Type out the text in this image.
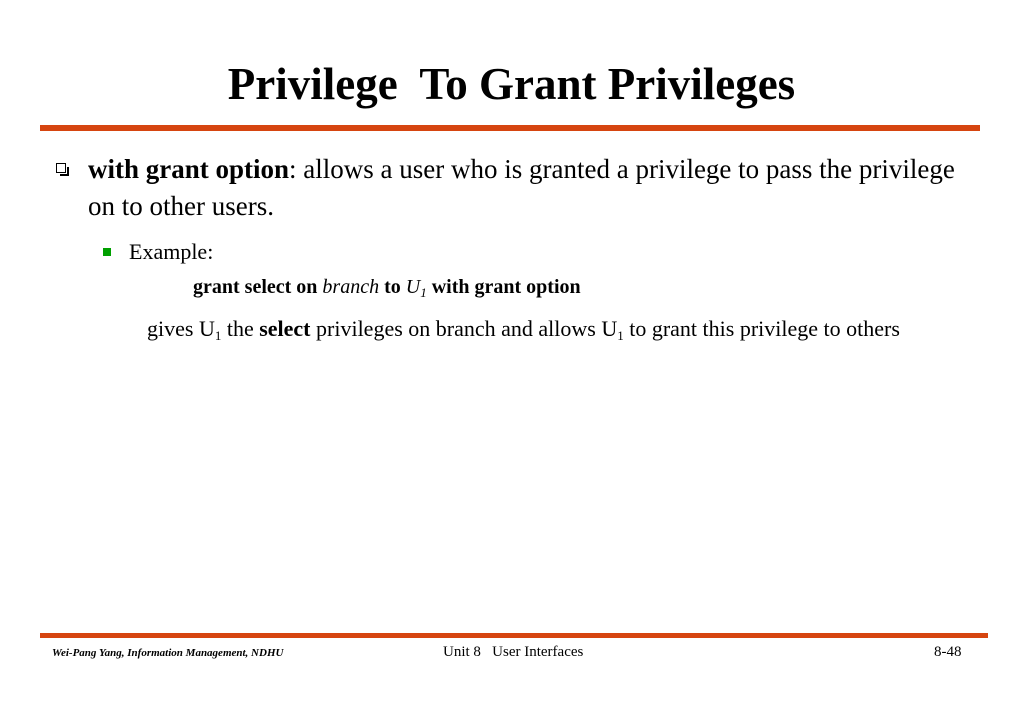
Privilege  To Grant Privileges
with grant option: allows a user who is granted a privilege to pass the privilege on to other users.
Example:
grant select on branch to $U_1$ with grant option
gives $U_1$ the select privileges on branch and allows $U_1$ to grant this privilege to others
Wei-Pang Yang, Information Management, NDHU	Unit 8   User Interfaces	8-48
